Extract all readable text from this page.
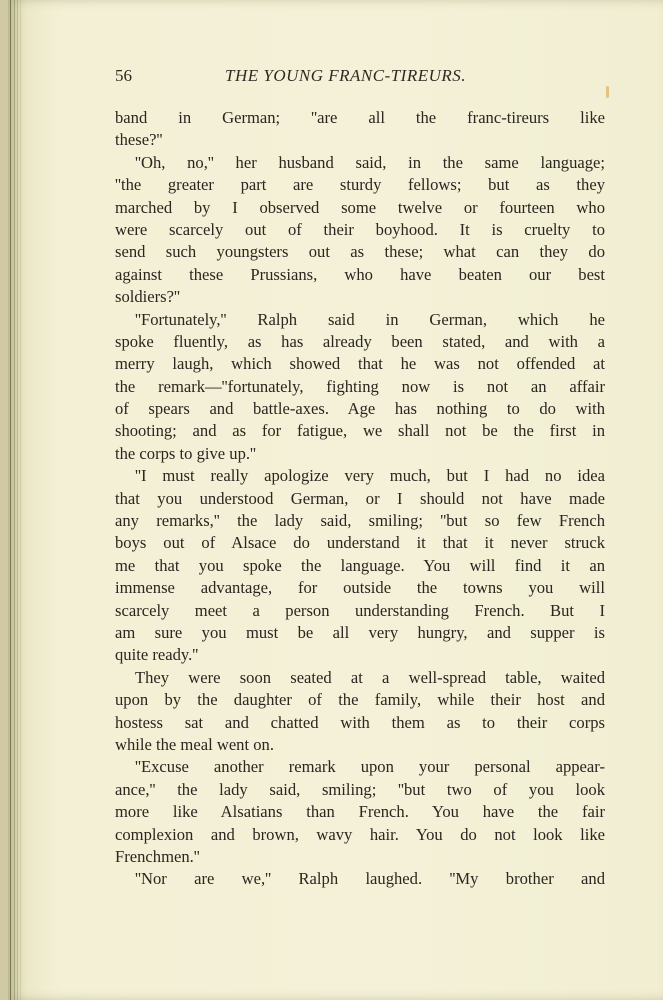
56	THE YOUNG FRANC-TIREURS.
band in German; ''are all the franc-tireurs like
these?''
''Oh, no,'' her husband said, in the same language;
''the greater part are sturdy fellows; but as they
marched by I observed some twelve or fourteen who
were scarcely out of their boyhood. It is cruelty to
send such youngsters out as these; what can they do
against these Prussians, who have beaten our best
soldiers?''
''Fortunately,'' Ralph said in German, which he
spoke fluently, as has already been stated, and with a
merry laugh, which showed that he was not offended at
the remark—''fortunately, fighting now is not an affair
of spears and battle-axes. Age has nothing to do with
shooting; and as for fatigue, we shall not be the first in
the corps to give up.''
''I must really apologize very much, but I had no idea
that you understood German, or I should not have made
any remarks,'' the lady said, smiling; ''but so few French
boys out of Alsace do understand it that it never struck
me that you spoke the language. You will find it an
immense advantage, for outside the towns you will
scarcely meet a person understanding French. But I
am sure you must be all very hungry, and supper is
quite ready.''
They were soon seated at a well-spread table, waited
upon by the daughter of the family, while their host and
hostess sat and chatted with them as to their corps
while the meal went on.
''Excuse another remark upon your personal appear-
ance,'' the lady said, smiling; ''but two of you look
more like Alsatians than French. You have the fair
complexion and brown, wavy hair. You do not look like
Frenchmen.''
''Nor are we,'' Ralph laughed. ''My brother and
